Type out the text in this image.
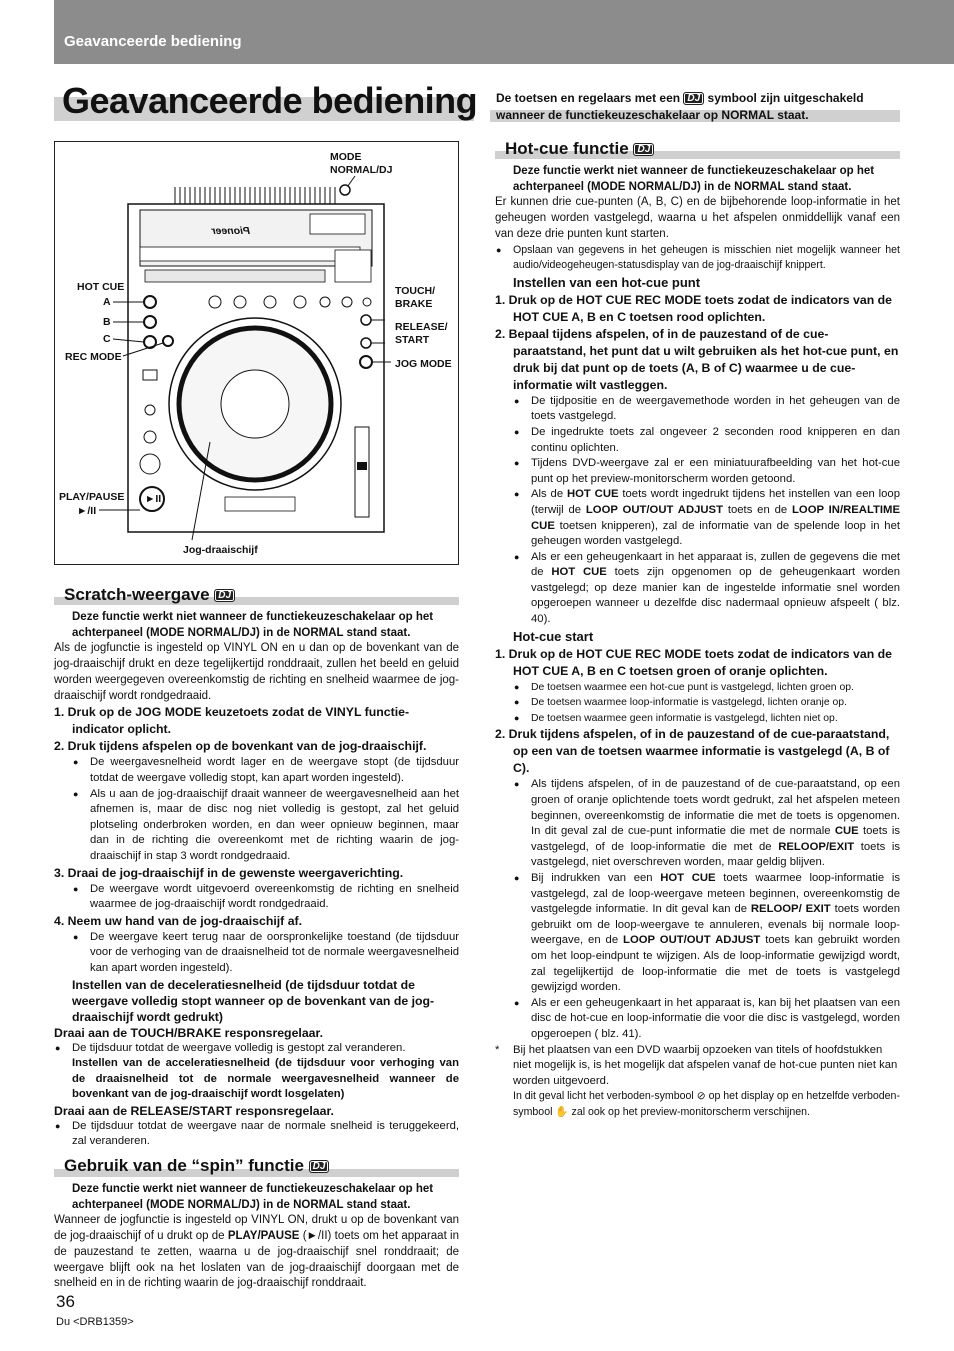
Geavanceerde bediening
Geavanceerde bediening De toetsen en regelaars met een DJ symbool zijn uitgeschakeld wanneer de functiekeuzeschakelaar op NORMAL staat.
Pioneer
►II
MODE
NORMAL/DJ
HOT CUE
A
B
C
REC MODE
TOUCH/
BRAKE
RELEASE/
START
JOG MODE
PLAY/PAUSE
►/II
Jog-draaischijf
Scratch-weergave DJ

Deze functie werkt niet wanneer de functiekeuzeschakelaar op het achterpaneel (MODE NORMAL/DJ) in de NORMAL stand staat.

Als de jogfunctie is ingesteld op VINYL ON en u dan op de bovenkant van de jog-draaischijf drukt en deze tegelijkertijd ronddraait, zullen het beeld en geluid worden weergegeven overeenkomstig de richting en snelheid waarmee de jog-draaischijf wordt rondgedraaid.

1. Druk op de JOG MODE keuzetoets zodat de VINYL functie-indicator oplicht.

2. Druk tijdens afspelen op de bovenkant van de jog-draaischijf.

● De weergavesnelheid wordt lager en de weergave stopt (de tijdsduur totdat de weergave volledig stopt, kan apart worden ingesteld).

● Als u aan de jog-draaischijf draait wanneer de weergavesnelheid aan het afnemen is, maar de disc nog niet volledig is gestopt, zal het geluid plotseling onderbroken worden, en dan weer opnieuw beginnen, maar dan in de richting die overeenkomt met de richting waarin de jog-draaischijf in stap 3 wordt rondgedraaid.

3. Draai de jog-draaischijf in de gewenste weergaverichting.

● De weergave wordt uitgevoerd overeenkomstig de richting en snelheid waarmee de jog-draaischijf wordt rondgedraaid.

4. Neem uw hand van de jog-draaischijf af.

● De weergave keert terug naar de oorspronkelijke toestand (de tijdsduur voor de verhoging van de draaisnelheid tot de normale weergavesnelheid kan apart worden ingesteld).

Instellen van de deceleratiesnelheid (de tijdsduur totdat de weergave volledig stopt wanneer op de bovenkant van de jog-draaischijf wordt gedrukt)

Draai aan de TOUCH/BRAKE responsregelaar.

● De tijdsduur totdat de weergave volledig is gestopt zal veranderen.
Instellen van de acceleratiesnelheid (de tijdsduur voor verhoging van de draaisnelheid tot de normale weergavesnelheid wanneer de bovenkant van de jog-draaischijf wordt losgelaten)

Draai aan de RELEASE/START responsregelaar.

● De tijdsduur totdat de weergave naar de normale snelheid is teruggekeerd, zal veranderen.

Gebruik van de “spin” functie DJ

Deze functie werkt niet wanneer de functiekeuzeschakelaar op het achterpaneel (MODE NORMAL/DJ) in de NORMAL stand staat.

Wanneer de jogfunctie is ingesteld op VINYL ON, drukt u op de bovenkant van de jog-draaischijf of u drukt op de PLAY/PAUSE (►/II) toets om het apparaat in de pauzestand te zetten, waarna u de jog-draaischijf snel ronddraait; de weergave blijft ook na het loslaten van de jog-draaischijf doorgaan met de snelheid en in de richting waarin de jog-draaischijf ronddraait.

Hot-cue functie DJ

Deze functie werkt niet wanneer de functiekeuzeschakelaar op het achterpaneel (MODE NORMAL/DJ) in de NORMAL stand staat.

Er kunnen drie cue-punten (A, B, C) en de bijbehorende loop-informatie in het geheugen worden vastgelegd, waarna u het afspelen onmiddellijk vanaf een van deze drie punten kunt starten.

● Opslaan van gegevens in het geheugen is misschien niet mogelijk wanneer het audio/videogeheugen-statusdisplay van de jog-draaischijf knippert.

Instellen van een hot-cue punt

1. Druk op de HOT CUE REC MODE toets zodat de indicators van de HOT CUE A, B en C toetsen rood oplichten.

2. Bepaal tijdens afspelen, of in de pauzestand of de cue-paraatstand, het punt dat u wilt gebruiken als het hot-cue punt, en druk bij dat punt op de toets (A, B of C) waarmee u de cue-informatie wilt vastleggen.

● De tijdpositie en de weergavemethode worden in het geheugen van de toets vastgelegd.

● De ingedrukte toets zal ongeveer 2 seconden rood knipperen en dan continu oplichten.

● Tijdens DVD-weergave zal er een miniatuurafbeelding van het hot-cue punt op het preview-monitorscherm worden getoond.

● Als de HOT CUE toets wordt ingedrukt tijdens het instellen van een loop (terwijl de LOOP OUT/OUT ADJUST toets en de LOOP IN/REALTIME CUE toetsen knipperen), zal de informatie van de spelende loop in het geheugen worden vastgelegd.

● Als er een geheugenkaart in het apparaat is, zullen de gegevens die met de HOT CUE toets zijn opgenomen op de geheugenkaart worden vastgelegd; op deze manier kan de ingestelde informatie snel worden opgeroepen wanneer u dezelfde disc nadermaal opnieuw afspeelt ( blz. 40).

Hot-cue start

1. Druk op de HOT CUE REC MODE toets zodat de indicators van de HOT CUE A, B en C toetsen groen of oranje oplichten.

● De toetsen waarmee een hot-cue punt is vastgelegd, lichten groen op.

● De toetsen waarmee loop-informatie is vastgelegd, lichten oranje op.

● De toetsen waarmee geen informatie is vastgelegd, lichten niet op.

2. Druk tijdens afspelen, of in de pauzestand of de cue-paraatstand, op een van de toetsen waarmee informatie is vastgelegd (A, B of C).

● Als tijdens afspelen, of in de pauzestand of de cue-paraatstand, op een groen of oranje oplichtende toets wordt gedrukt, zal het afspelen meteen beginnen, overeenkomstig de informatie die met de toets is opgenomen. In dit geval zal de cue-punt informatie die met de normale CUE toets is vastgelegd, of de loop-informatie die met de RELOOP/EXIT toets is vastgelegd, niet overschreven worden, maar geldig blijven.

● Bij indrukken van een HOT CUE toets waarmee loop-informatie is vastgelegd, zal de loop-weergave meteen beginnen, overeenkomstig de vastgelegde informatie. In dit geval kan de RELOOP/ EXIT toets worden gebruikt om de loop-weergave te annuleren, evenals bij normale loop-weergave, en de LOOP OUT/OUT ADJUST toets kan gebruikt worden om het loop-eindpunt te wijzigen. Als de loop-informatie gewijzigd wordt, zal tegelijkertijd de loop-informatie die met de toets is vastgelegd gewijzigd worden.

● Als er een geheugenkaart in het apparaat is, kan bij het plaatsen van een disc de hot-cue en loop-informatie die voor die disc is vastgelegd, worden opgeroepen ( blz. 41).

* Bij het plaatsen van een DVD waarbij opzoeken van titels of hoofdstukken niet mogelijk is, is het mogelijk dat afspelen vanaf de hot-cue punten niet kan worden uitgevoerd.
In dit geval licht het verboden-symbool ⊘ op het display op en hetzelfde verboden-symbool ✋ zal ook op het preview-monitorscherm verschijnen.

36
Du <DRB1359>
